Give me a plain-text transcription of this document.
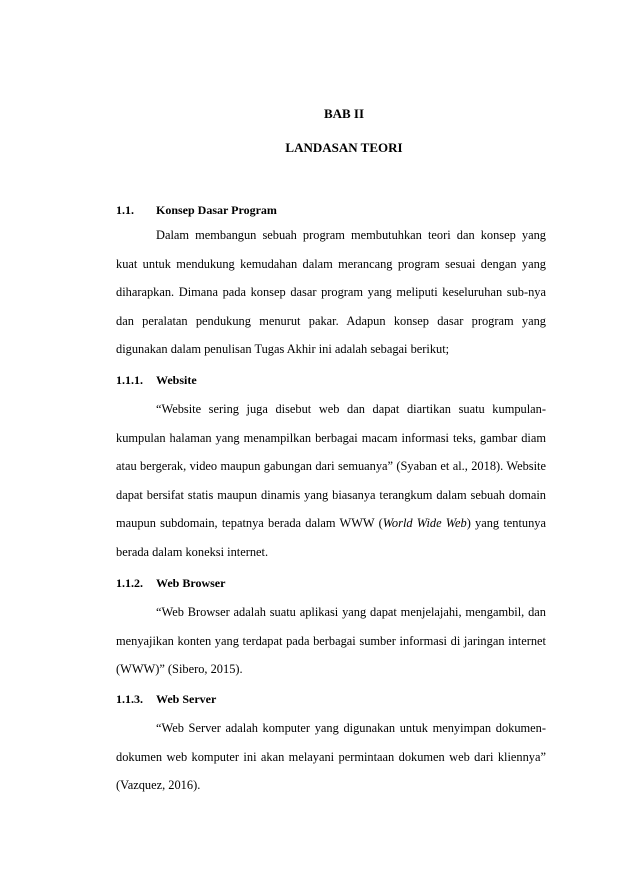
BAB II
LANDASAN TEORI
1.1. Konsep Dasar Program
Dalam membangun sebuah program membutuhkan teori dan konsep yang kuat untuk mendukung kemudahan dalam merancang program sesuai dengan yang diharapkan. Dimana pada konsep dasar program yang meliputi keseluruhan sub-nya dan peralatan pendukung menurut pakar. Adapun konsep dasar program yang digunakan dalam penulisan Tugas Akhir ini adalah sebagai berikut;
1.1.1. Website
“Website sering juga disebut web dan dapat diartikan suatu kumpulan-kumpulan halaman yang menampilkan berbagai macam informasi teks, gambar diam atau bergerak, video maupun gabungan dari semuanya” (Syaban et al., 2018). Website dapat bersifat statis maupun dinamis yang biasanya terangkum dalam sebuah domain maupun subdomain, tepatnya berada dalam WWW (World Wide Web) yang tentunya berada dalam koneksi internet.
1.1.2. Web Browser
“Web Browser adalah suatu aplikasi yang dapat menjelajahi, mengambil, dan menyajikan konten yang terdapat pada berbagai sumber informasi di jaringan internet (WWW)” (Sibero, 2015).
1.1.3. Web Server
“Web Server adalah komputer yang digunakan untuk menyimpan dokumen-dokumen web komputer ini akan melayani permintaan dokumen web dari kliennya” (Vazquez, 2016).
